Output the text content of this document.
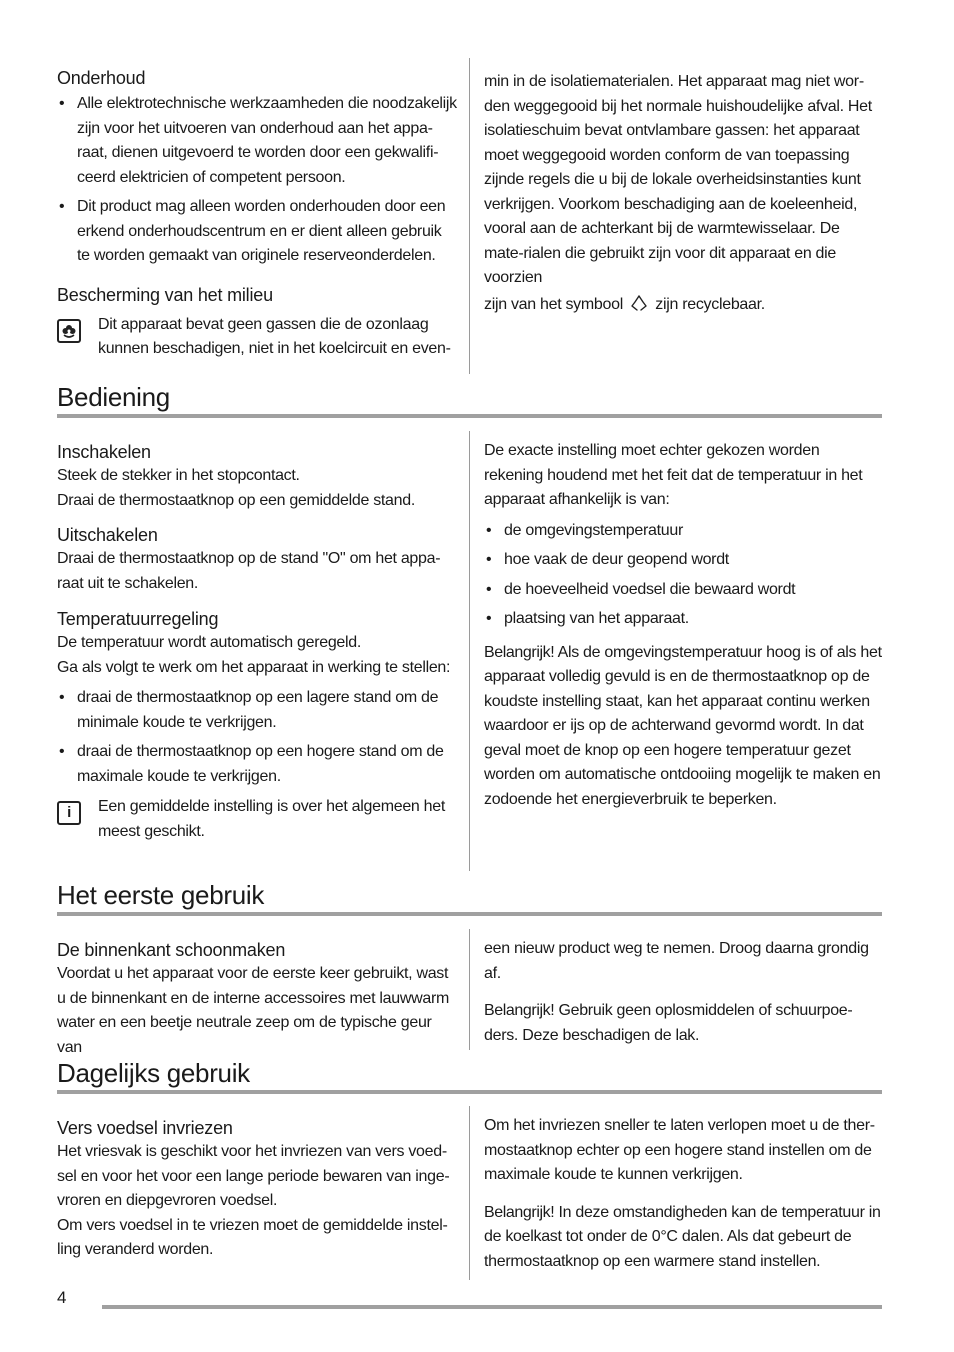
Onderhoud

• Alle elektrotechnische werkzaamheden die noodzakelijk zijn voor het uitvoeren van onderhoud aan het appa-raat, dienen uitgevoerd te worden door een gekwalifi-ceerd elektricien of competent persoon.
• Dit product mag alleen worden onderhouden door een erkend onderhoudscentrum en er dient alleen gebruik te worden gemaakt van originele reserveonderdelen.

Bescherming van het milieu

Dit apparaat bevat geen gassen die de ozonlaag kunnen beschadigen, niet in het koelcircuit en even-

min in de isolatiematerialen. Het apparaat mag niet wor-den weggegooid bij het normale huishoudelijke afval. Het isolatieschuim bevat ontvlambare gassen: het apparaat moet weggegooid worden conform de van toepassing zijnde regels die u bij de lokale overheidsinstanties kunt verkrijgen. Voorkom beschadiging aan de koeleenheid, vooral aan de achterkant bij de warmtewisselaar. De mate-rialen die gebruikt zijn voor dit apparaat en die voorzien

zijn van het symbool zijn recyclebaar.

Bediening

Inschakelen

Steek de stekker in het stopcontact.

Draai de thermostaatknop op een gemiddelde stand.

Uitschakelen

Draai de thermostaatknop op de stand "O" om het appa-raat uit te schakelen.

Temperatuurregeling

De temperatuur wordt automatisch geregeld.

Ga als volgt te werk om het apparaat in werking te stellen:

• draai de thermostaatknop op een lagere stand om de minimale koude te verkrijgen.
• draai de thermostaatknop op een hogere stand om de maximale koude te verkrijgen.
i	Een gemiddelde instelling is over het algemeen het meest geschikt.

De exacte instelling moet echter gekozen worden rekening houdend met het feit dat de temperatuur in het apparaat afhankelijk is van:

• de omgevingstemperatuur
• hoe vaak de deur geopend wordt
• de hoeveelheid voedsel die bewaard wordt
• plaatsing van het apparaat.

Belangrijk! Als de omgevingstemperatuur hoog is of als het apparaat volledig gevuld is en de thermostaatknop op de koudste instelling staat, kan het apparaat continu werken waardoor er ijs op de achterwand gevormd wordt. In dat geval moet de knop op een hogere temperatuur gezet worden om automatische ontdooiing mogelijk te maken en zodoende het energieverbruik te beperken.

Het eerste gebruik

De binnenkant schoonmaken

Voordat u het apparaat voor de eerste keer gebruikt, wast u de binnenkant en de interne accessoires met lauwwarm water en een beetje neutrale zeep om de typische geur van

een nieuw product weg te nemen. Droog daarna grondig af.

Belangrijk! Gebruik geen oplosmiddelen of schuurpoe-ders. Deze beschadigen de lak.

Dagelijks gebruik

Vers voedsel invriezen

Het vriesvak is geschikt voor het invriezen van vers voed-sel en voor het voor een lange periode bewaren van inge-vroren en diepgevroren voedsel.

Om vers voedsel in te vriezen moet de gemiddelde instel-ling veranderd worden.

Om het invriezen sneller te laten verlopen moet u de ther-mostaatknop echter op een hogere stand instellen om de maximale koude te kunnen verkrijgen.

Belangrijk! In deze omstandigheden kan de temperatuur in de koelkast tot onder de 0°C dalen. Als dat gebeurt de thermostaatknop op een warmere stand instellen.

4
